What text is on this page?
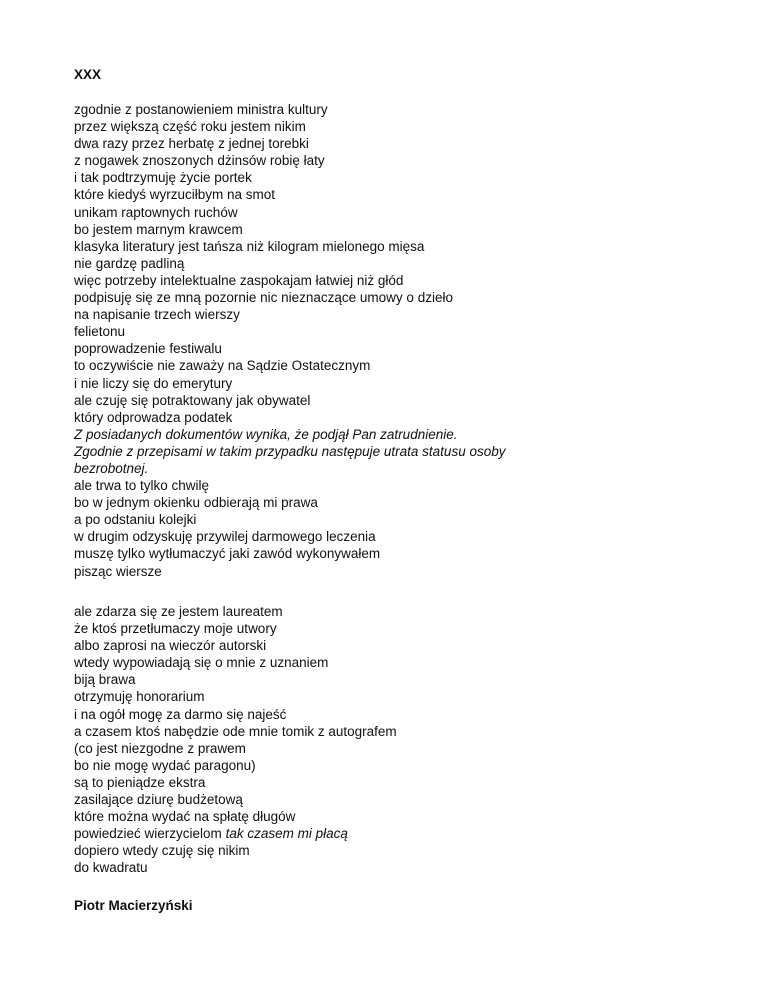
XXX
zgodnie z postanowieniem ministra kultury
przez większą część roku jestem nikim
dwa razy przez herbatę z jednej torebki
z nogawek znoszonych dżinsów robię łaty
i tak podtrzymuję życie portek
które kiedyś wyrzuciłbym na smot
unikam raptownych ruchów
bo jestem marnym krawcem
klasyka literatury jest tańsza niż kilogram mielonego mięsa
nie gardzę padliną
więc potrzeby intelektualne zaspokajam łatwiej niż głód
podpisuję się ze mną pozornie nic nieznaczące umowy o dzieło
na napisanie trzech wierszy
felietonu
poprowadzenie festiwalu
to oczywiście nie zaważy na Sądzie Ostatecznym
i nie liczy się do emerytury
ale czuję się potraktowany jak obywatel
który odprowadza podatek
Z posiadanych dokumentów wynika, że podjął Pan zatrudnienie.
Zgodnie z przepisami w takim przypadku następuje utrata statusu osoby bezrobotnej.
ale trwa to tylko chwilę
bo w jednym okienku odbierają mi prawa
a po odstaniu kolejki
w drugim odzyskuję przywilej darmowego leczenia
muszę tylko wytłumaczyć jaki zawód wykonywałem
pisząc wiersze
ale zdarza się ze jestem laureatem
że ktoś przetłumaczy moje utwory
albo zaprosi na wieczór autorski
wtedy wypowiadają się o mnie z uznaniem
biją brawa
otrzymuję honorarium
i na ogół mogę za darmo się najeść
a czasem ktoś nabędzie ode mnie tomik z autografem
(co jest niezgodne z prawem
bo nie mogę wydać paragonu)
są to pieniądze ekstra
zasilające dziurę budżetową
które można wydać na spłatę długów
powiedzieć wierzycielom tak czasem mi płacą
dopiero wtedy czuję się nikim
do kwadratu
Piotr Macierzyński
